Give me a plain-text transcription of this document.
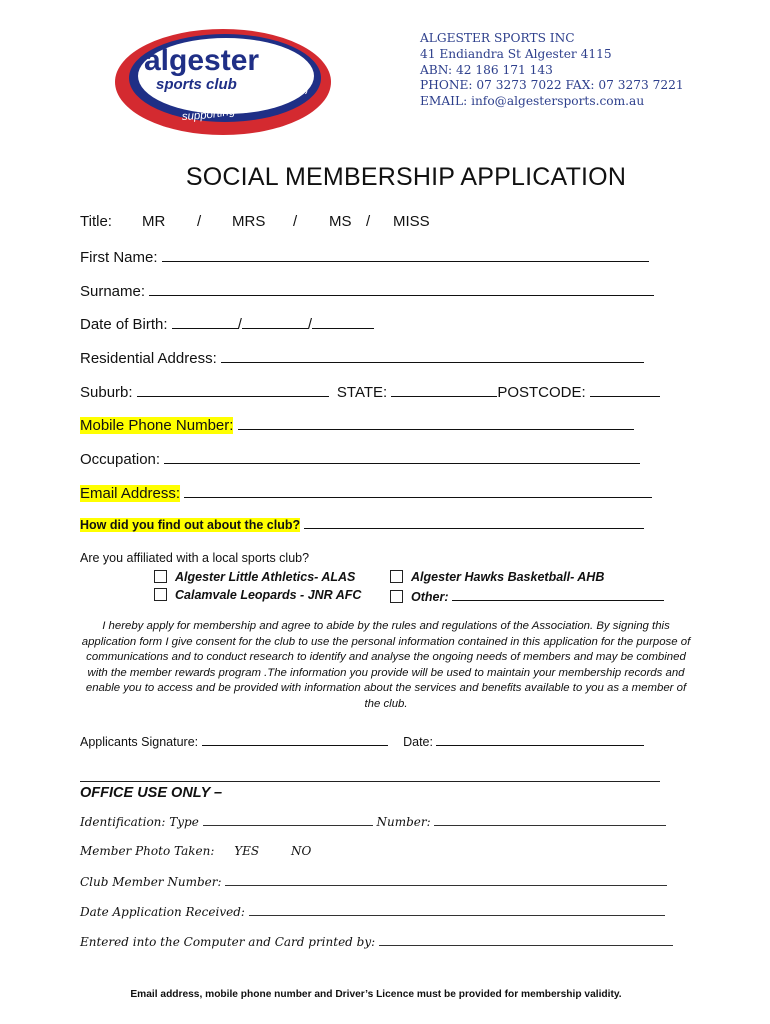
algester
sports club
supporting our community
ALGESTER SPORTS INC
41 Endiandra St Algester 4115
ABN: 42 186 171 143
PHONE: 07 3273 7022 FAX: 07 3273 7221
EMAIL: info@algestersports.com.au
SOCIAL MEMBERSHIP APPLICATION
Title: MR / MRS / MS / MISS
First Name:
Surname:
Date of Birth:	/	/
Residential Address:
Suburb:	STATE:	POSTCODE:
Mobile Phone Number:
Occupation:
Email Address:
How did you find out about the club?
Are you affiliated with a local sports club?
Algester Little Athletics- ALAS	Algester Hawks Basketball- AHB
Calamvale Leopards - JNR AFC	Other:
I hereby apply for membership and agree to abide by the rules and regulations of the Association. By signing this application form I give consent for the club to use the personal information contained in this application for the purpose of communications and to conduct research to identify and analyse the ongoing needs of members and may be combined with the member rewards program .The information you provide will be used to maintain your membership records and enable you to access and be provided with information about the services and benefits available to you as a member of the club.
Applicants Signature:	Date:
OFFICE USE ONLY –
Identification: Type	Number:
Member Photo Taken: YES	NO
Club Member Number:
Date Application Received:
Entered into the Computer and Card printed by:
Email address, mobile phone number and Driver’s Licence must be provided for membership validity.
